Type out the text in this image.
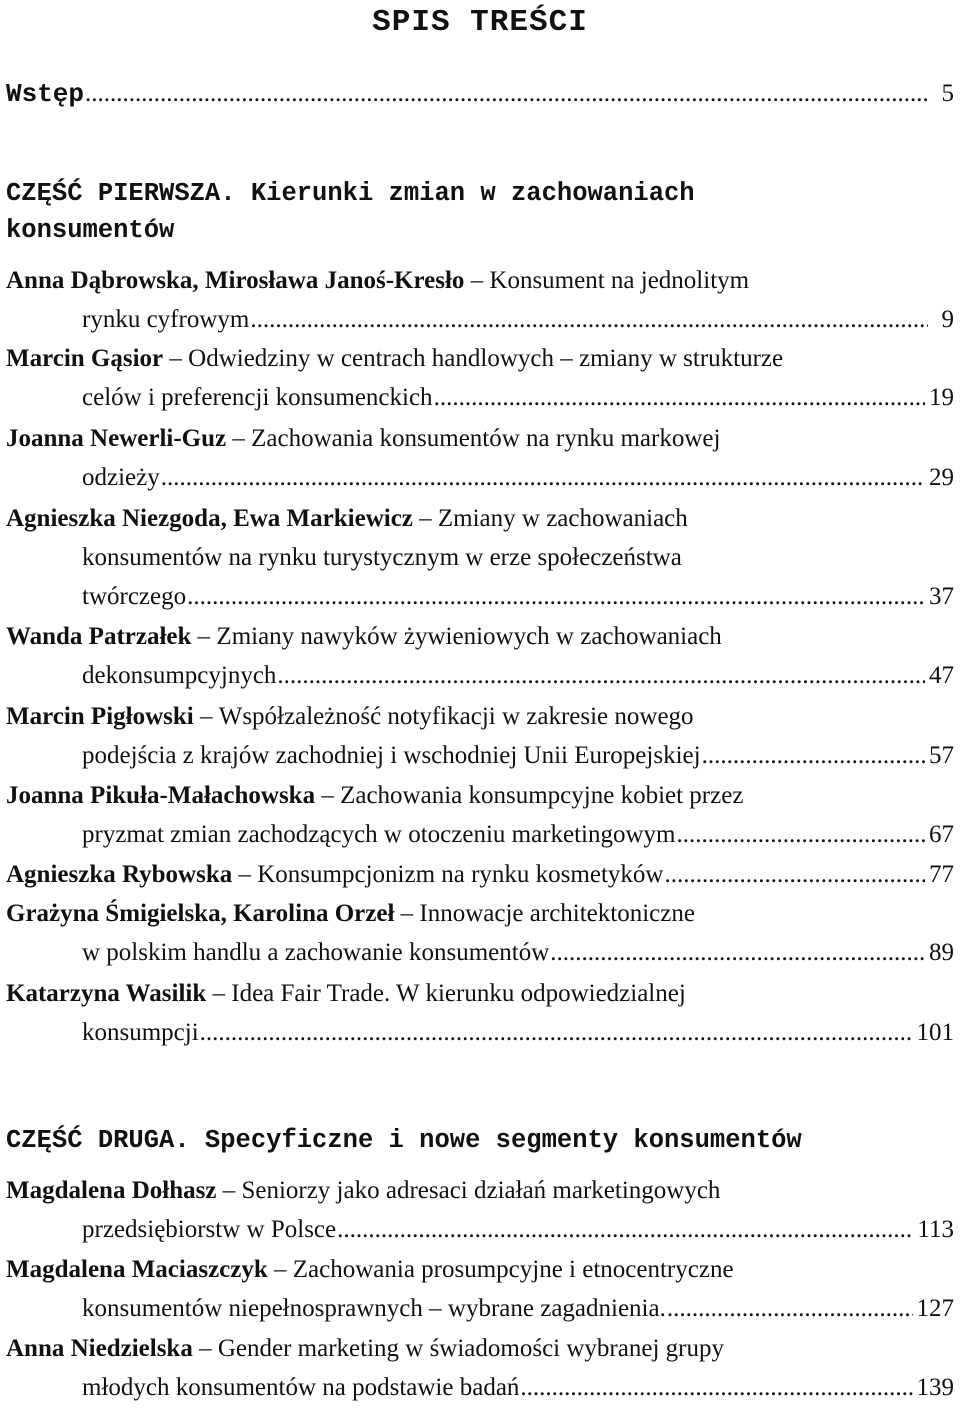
SPIS TREŚCI
Wstęp .....	5
CZĘŚĆ PIERWSZA. Kierunki zmian w zachowaniach
konsumentów
Anna Dąbrowska, Mirosława Janoś-Kresło – Konsument na jednolitym
rynku cyfrowym .....	9
Marcin Gąsior – Odwiedziny w centrach handlowych – zmiany w strukturze
celów i preferencji konsumenckich .....	19
Joanna Newerli-Guz – Zachowania konsumentów na rynku markowej
odzieży .....	29
Agnieszka Niezgoda, Ewa Markiewicz – Zmiany w zachowaniach
konsumentów na rynku turystycznym w erze społeczeństwa
twórczego .....	37
Wanda Patrzałek – Zmiany nawyków żywieniowych w zachowaniach
dekonsumpcyjnych .....	47
Marcin Pigłowski – Współzależność notyfikacji w zakresie nowego
podejścia z krajów zachodniej i wschodniej Unii Europejskiej .....	57
Joanna Pikuła-Małachowska – Zachowania konsumpcyjne kobiet przez
pryzmat zmian zachodzących w otoczeniu marketingowym .....	67
Agnieszka Rybowska – Konsumpcjonizm na rynku kosmetyków .....	77
Grażyna Śmigielska, Karolina Orzeł – Innowacje architektoniczne
w polskim handlu a zachowanie konsumentów .....	89
Katarzyna Wasilik – Idea Fair Trade. W kierunku odpowiedzialnej
konsumpcji .....	101
CZĘŚĆ DRUGA. Specyficzne i nowe segmenty konsumentów
Magdalena Dołhasz – Seniorzy jako adresaci działań marketingowych
przedsiębiorstw w Polsce .....	113
Magdalena Maciaszczyk – Zachowania prosumpcyjne i etnocentryczne
konsumentów niepełnosprawnych – wybrane zagadnienia. .....	127
Anna Niedzielska – Gender marketing w świadomości wybranej grupy
młodych konsumentów na podstawie badań .....	139
